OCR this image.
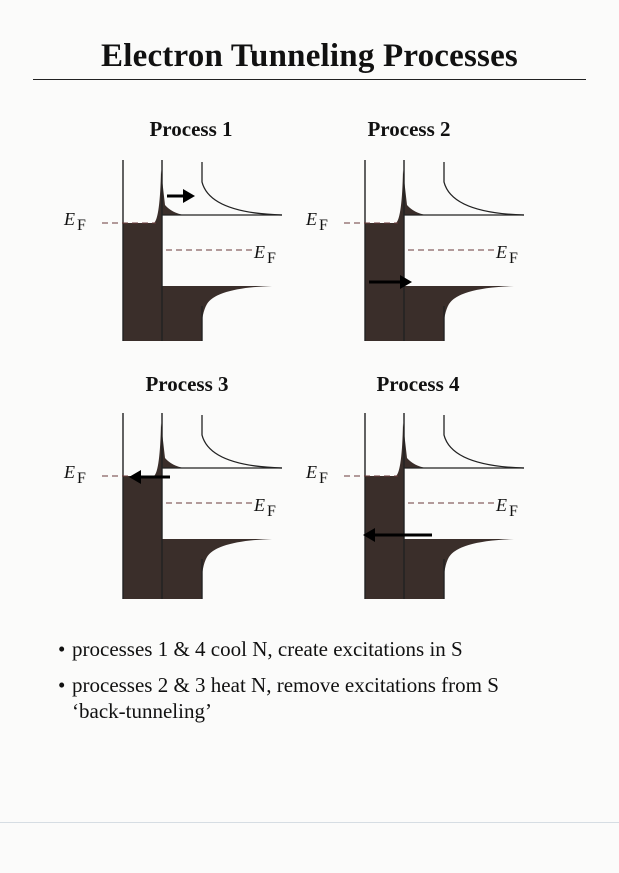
Electron Tunneling Processes
Process 1	Process 2
Process 3	Process 4
E F
E F
E F
E F
E F
E F
E F
E F
• processes 1 & 4 cool N, create excitations in S
• processes 2 & 3 heat N, remove excitations from S
‘back-tunneling’
